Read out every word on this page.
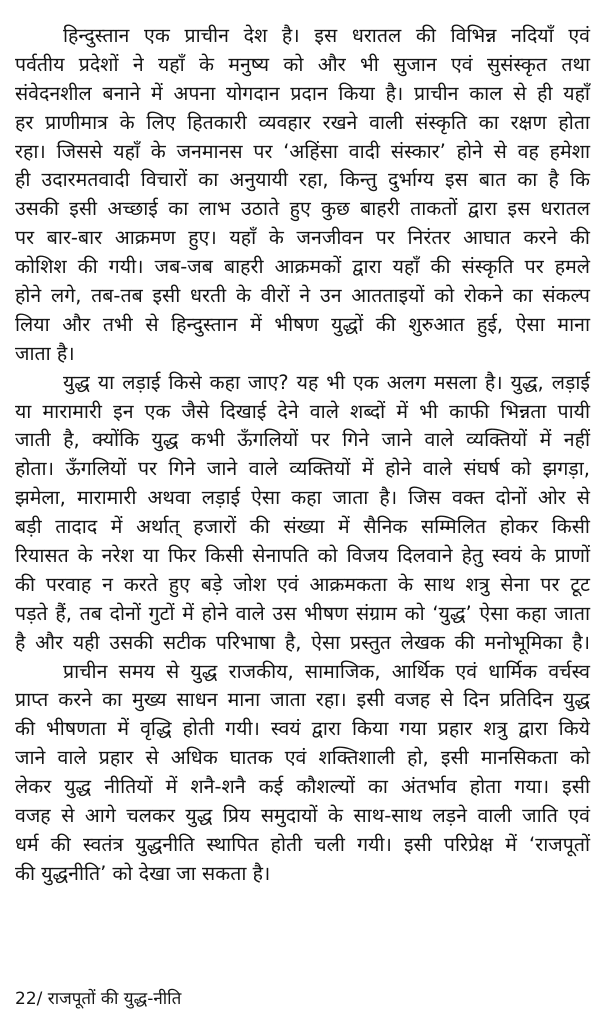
हिन्दुस्तान एक प्राचीन देश है। इस धरातल की विभिन्न नदियाँ एवं
पर्वतीय प्रदेशों ने यहाँ के मनुष्य को और भी सुजान एवं सुसंस्कृत तथा
संवेदनशील बनाने में अपना योगदान प्रदान किया है। प्राचीन काल से ही यहाँ
हर प्राणीमात्र के लिए हितकारी व्यवहार रखने वाली संस्कृति का रक्षण होता
रहा। जिससे यहाँ के जनमानस पर ‘अहिंसा वादी संस्कार’ होने से वह हमेशा
ही उदारमतवादी विचारों का अनुयायी रहा, किन्तु दुर्भाग्य इस बात का है कि
उसकी इसी अच्छाई का लाभ उठाते हुए कुछ बाहरी ताकतों द्वारा इस धरातल
पर बार-बार आक्रमण हुए। यहाँ के जनजीवन पर निरंतर आघात करने की
कोशिश की गयी। जब-जब बाहरी आक्रमकों द्वारा यहाँ की संस्कृति पर हमले
होने लगे, तब-तब इसी धरती के वीरों ने उन आतताइयों को रोकने का संकल्प
लिया और तभी से हिन्दुस्तान में भीषण युद्धों की शुरुआत हुई, ऐसा माना
जाता है।
युद्ध या लड़ाई किसे कहा जाए? यह भी एक अलग मसला है। युद्ध, लड़ाई
या मारामारी इन एक जैसे दिखाई देने वाले शब्दों में भी काफी भिन्नता पायी
जाती है, क्योंकि युद्ध कभी ऊँगलियों पर गिने जाने वाले व्यक्तियों में नहीं
होता। ऊँगलियों पर गिने जाने वाले व्यक्तियों में होने वाले संघर्ष को झगड़ा,
झमेला, मारामारी अथवा लड़ाई ऐसा कहा जाता है। जिस वक्त दोनों ओर से
बड़ी तादाद में अर्थात् हजारों की संख्या में सैनिक सम्मिलित होकर किसी
रियासत के नरेश या फिर किसी सेनापति को विजय दिलवाने हेतु स्वयं के प्राणों
की परवाह न करते हुए बड़े जोश एवं आक्रमकता के साथ शत्रु सेना पर टूट
पड़ते हैं, तब दोनों गुटों में होने वाले उस भीषण संग्राम को ‘युद्ध’ ऐसा कहा जाता
है और यही उसकी सटीक परिभाषा है, ऐसा प्रस्तुत लेखक की मनोभूमिका है।
प्राचीन समय से युद्ध राजकीय, सामाजिक, आर्थिक एवं धार्मिक वर्चस्व
प्राप्त करने का मुख्य साधन माना जाता रहा। इसी वजह से दिन प्रतिदिन युद्ध
की भीषणता में वृद्धि होती गयी। स्वयं द्वारा किया गया प्रहार शत्रु द्वारा किये
जाने वाले प्रहार से अधिक घातक एवं शक्तिशाली हो, इसी मानसिकता को
लेकर युद्ध नीतियों में शनै-शनै कई कौशल्यों का अंतर्भाव होता गया। इसी
वजह से आगे चलकर युद्ध प्रिय समुदायों के साथ-साथ लड़ने वाली जाति एवं
धर्म की स्वतंत्र युद्धनीति स्थापित होती चली गयी। इसी परिप्रेक्ष में ‘राजपूतों
की युद्धनीति’ को देखा जा सकता है।
22/ राजपूतों की युद्ध-नीति
